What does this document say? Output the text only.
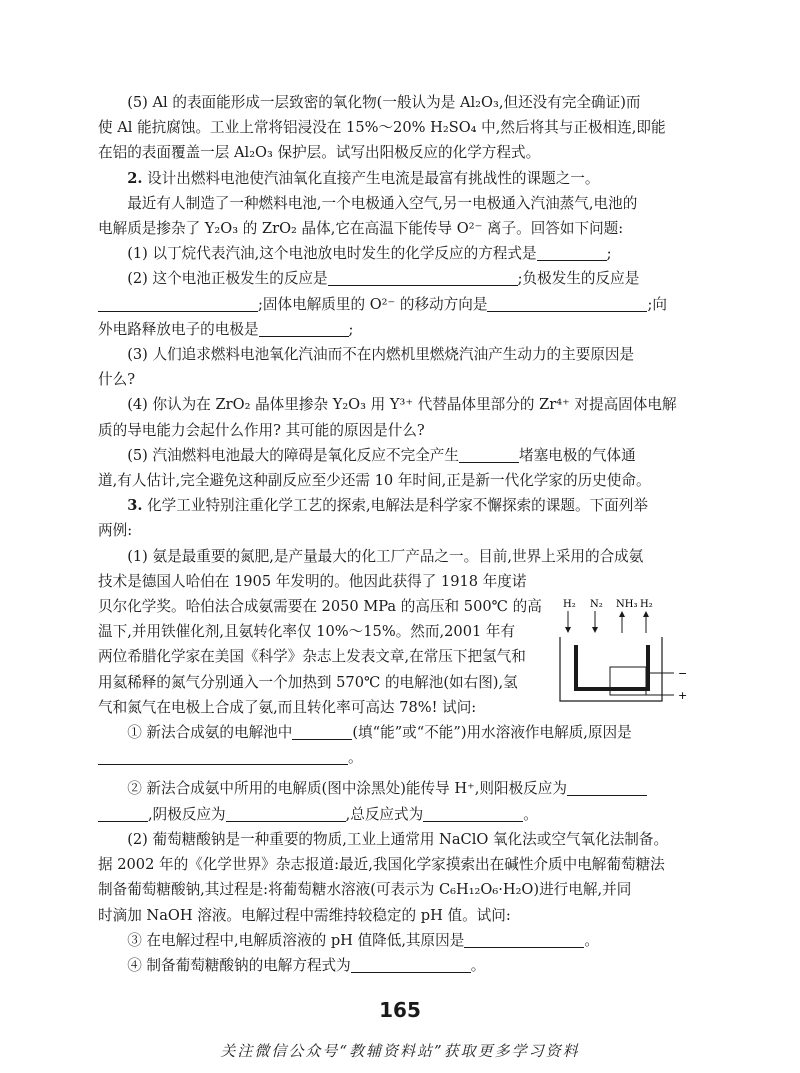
(5) Al 的表面能形成一层致密的氧化物(一般认为是 Al₂O₃,但还没有完全确证)而

使 Al 能抗腐蚀。工业上常将铝浸没在 15%～20% H₂SO₄ 中,然后将其与正极相连,即能

在铝的表面覆盖一层 Al₂O₃ 保护层。试写出阳极反应的化学方程式。

2. 设计出燃料电池使汽油氧化直接产生电流是最富有挑战性的课题之一。

最近有人制造了一种燃料电池,一个电极通入空气,另一电极通入汽油蒸气,电池的

电解质是掺杂了 Y₂O₃ 的 ZrO₂ 晶体,它在高温下能传导 O²⁻ 离子。回答如下问题:

(1) 以丁烷代表汽油,这个电池放电时发生的化学反应的方程式是	;

(2) 这个电池正极发生的反应是	;负极发生的反应是

;固体电解质里的 O²⁻ 的移动方向是	;向

外电路释放电子的电极是	;

(3) 人们追求燃料电池氧化汽油而不在内燃机里燃烧汽油产生动力的主要原因是

什么?

(4) 你认为在 ZrO₂ 晶体里掺杂 Y₂O₃ 用 Y³⁺ 代替晶体里部分的 Zr⁴⁺ 对提高固体电解

质的导电能力会起什么作用? 其可能的原因是什么?

(5) 汽油燃料电池最大的障碍是氧化反应不完全产生	堵塞电极的气体通

道,有人估计,完全避免这种副反应至少还需 10 年时间,正是新一代化学家的历史使命。

3. 化学工业特别注重化学工艺的探索,电解法是科学家不懈探索的课题。下面列举

两例:

(1) 氨是最重要的氮肥,是产量最大的化工厂产品之一。目前,世界上采用的合成氨

技术是德国人哈伯在 1905 年发明的。他因此获得了 1918 年度诺

贝尔化学奖。哈伯法合成氨需要在 2050 MPa 的高压和 500℃ 的高

温下,并用铁催化剂,且氨转化率仅 10%～15%。然而,2001 年有

两位希腊化学家在美国《科学》杂志上发表文章,在常压下把氢气和

用氦稀释的氮气分别通入一个加热到 570℃ 的电解池(如右图),氢

气和氮气在电极上合成了氨,而且转化率可高达 78%! 试问:

H₂ N₂ NH₃ H₂
−
+

① 新法合成氨的电解池中	(填“能”或“不能”)用水溶液作电解质,原因是

。

② 新法合成氨中所用的电解质(图中涂黑处)能传导 H⁺,则阳极反应为

,阴极反应为	,总反应式为	。

(2) 葡萄糖酸钠是一种重要的物质,工业上通常用 NaClO 氧化法或空气氧化法制备。

据 2002 年的《化学世界》杂志报道:最近,我国化学家摸索出在碱性介质中电解葡萄糖法

制备葡萄糖酸钠,其过程是:将葡萄糖水溶液(可表示为 C₆H₁₂O₆·H₂O)进行电解,并同

时滴加 NaOH 溶液。电解过程中需维持较稳定的 pH 值。试问:

③ 在电解过程中,电解质溶液的 pH 值降低,其原因是	。

④ 制备葡萄糖酸钠的电解方程式为	。

165
关注微信公众号“教辅资料站”获取更多学习资料
